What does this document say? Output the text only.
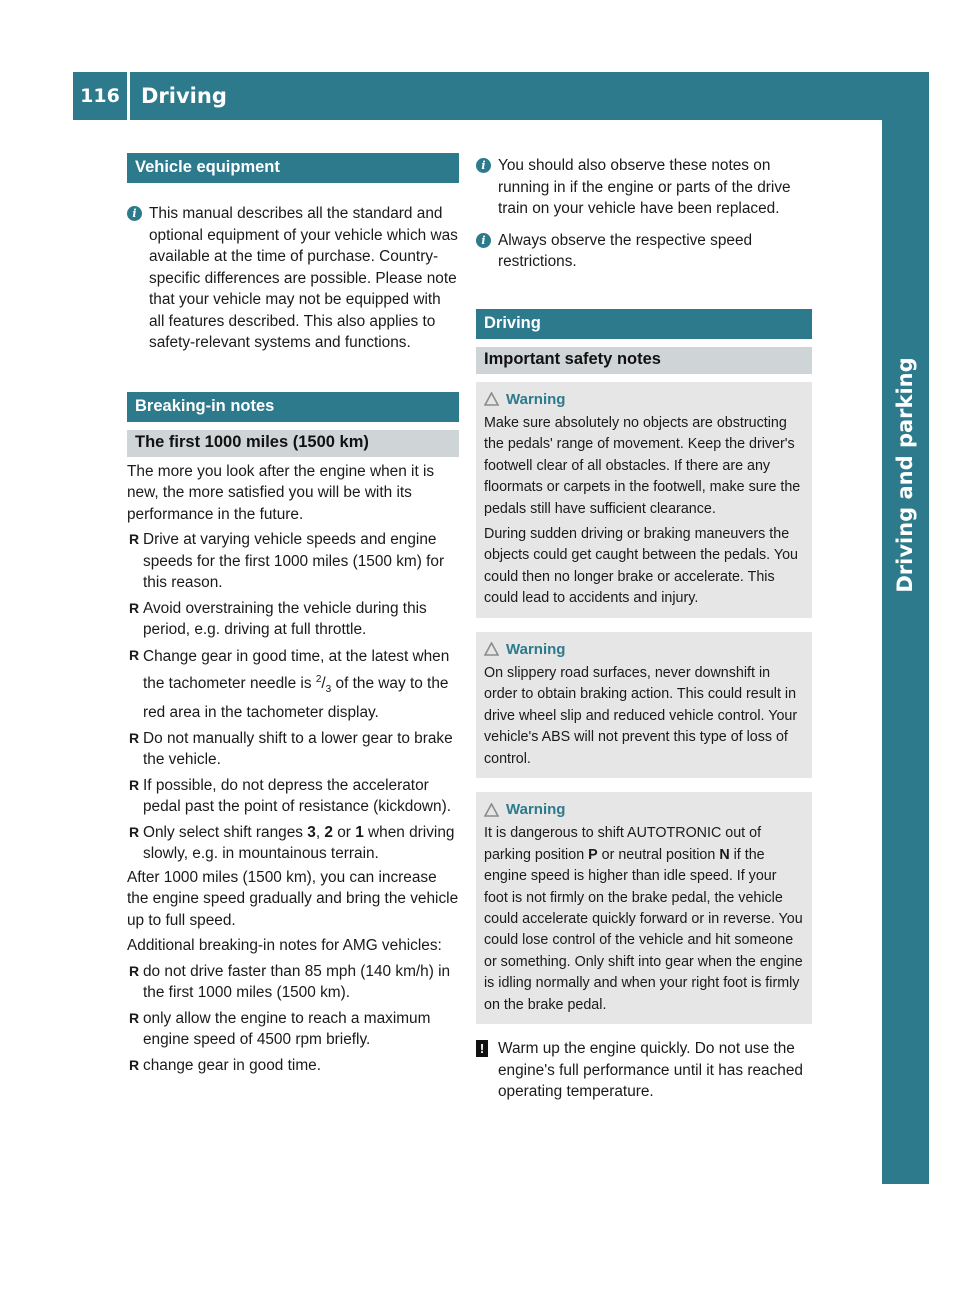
116	Driving
Driving and parking
Vehicle equipment
i This manual describes all the standard and optional equipment of your vehicle which was available at the time of purchase. Country-specific differences are possible. Please note that your vehicle may not be equipped with all features described. This also applies to safety-relevant systems and functions.

Breaking-in notes
The first 1000 miles (1500 km)

The more you look after the engine when it is new, the more satisfied you will be with its performance in the future.

R Drive at varying vehicle speeds and engine speeds for the first 1000 miles (1500 km) for this reason.

R Avoid overstraining the vehicle during this period, e.g. driving at full throttle.

R Change gear in good time, at the latest when the tachometer needle is $^2/_3$ of the way to the red area in the tachometer display.

R Do not manually shift to a lower gear to brake the vehicle.

R If possible, do not depress the accelerator pedal past the point of resistance (kickdown).

R Only select shift ranges 3, 2 or 1 when driving slowly, e.g. in mountainous terrain.

After 1000 miles (1500 km), you can increase the engine speed gradually and bring the vehicle up to full speed.

Additional breaking-in notes for AMG vehicles:

R do not drive faster than 85 mph (140 km/h) in the first 1000 miles (1500 km).

R only allow the engine to reach a maximum engine speed of 4500 rpm briefly.

R change gear in good time.

i You should also observe these notes on running in if the engine or parts of the drive train on your vehicle have been replaced.

i Always observe the respective speed restrictions.

Driving
Important safety notes
Warning

Make sure absolutely no objects are obstructing the pedals' range of movement. Keep the driver's footwell clear of all obstacles. If there are any floormats or carpets in the footwell, make sure the pedals still have sufficient clearance.

During sudden driving or braking maneuvers the objects could get caught between the pedals. You could then no longer brake or accelerate. This could lead to accidents and injury.

Warning

On slippery road surfaces, never downshift in order to obtain braking action. This could result in drive wheel slip and reduced vehicle control. Your vehicle's ABS will not prevent this type of loss of control.

Warning

It is dangerous to shift AUTOTRONIC out of parking position P or neutral position N if the engine speed is higher than idle speed. If your foot is not firmly on the brake pedal, the vehicle could accelerate quickly forward or in reverse. You could lose control of the vehicle and hit someone or something. Only shift into gear when the engine is idling normally and when your right foot is firmly on the brake pedal.

! Warm up the engine quickly. Do not use the engine's full performance until it has reached operating temperature.
